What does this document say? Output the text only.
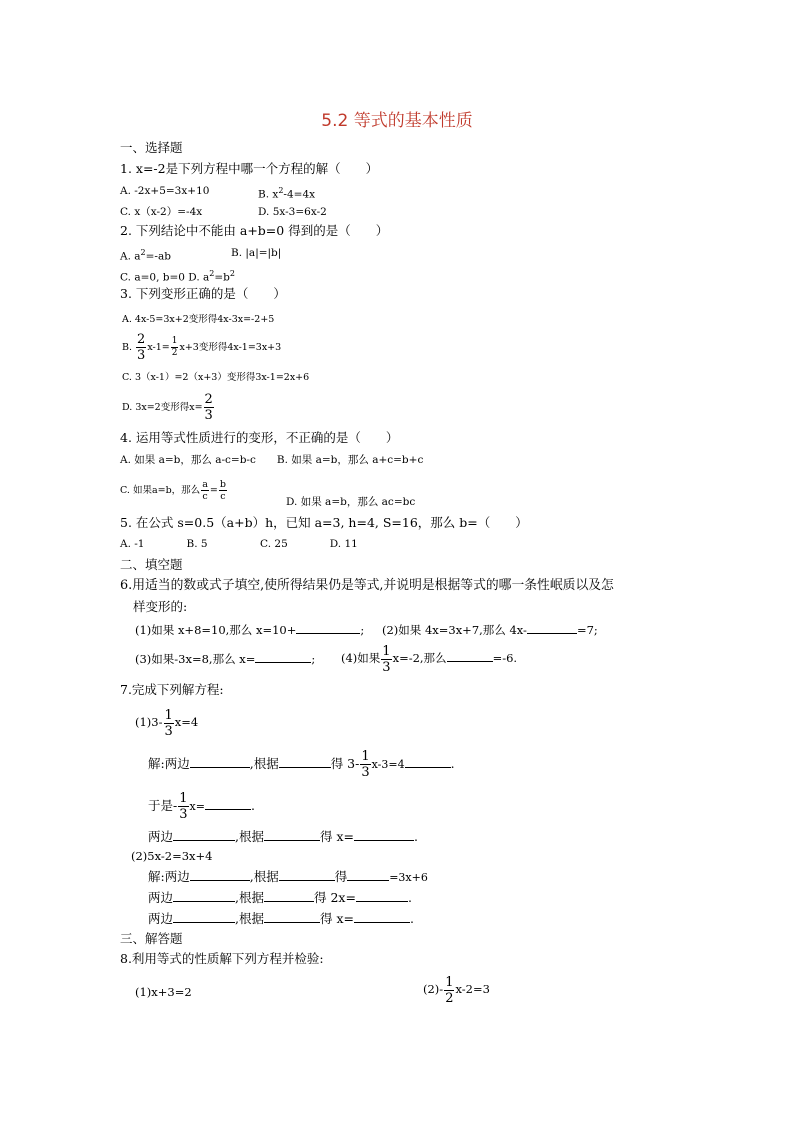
5.2 等式的基本性质
一、选择题
1. x=-2是下列方程中哪一个方程的解（　　）
A. -2x+5=3x+10	B. $x^2-4=4x$
C. x（x-2）=-4x	D. 5x-3=6x-2
2. 下列结论中不能由 a+b=0 得到的是（　　）
A. $a^2=-ab$	B. |a|=|b|
C. a=0, b=0 D. $a^2=b^2$
3. 下列变形正确的是（　　）
A. 4x-5=3x+2变形得4x-3x=-2+5
B. $\frac{2}{3} x-1= \frac{1}{2} x+3$变形得4x-1=3x+3
C. 3（x-1）=2（x+3）变形得3x-1=2x+6
D. 3x=2变形得$x= \frac{2}{3}$
4. 运用等式性质进行的变形，不正确的是（　　）
A. 如果 a=b，那么 a-c=b-c　　B. 如果 a=b，那么 a+c=b+c
C. 如果a=b，那么 $\frac{a}{c} = \frac{b}{c}$
D. 如果 a=b，那么 ac=bc
5. 在公式 s=0.5（a+b）h，已知 a=3, h=4, S=16，那么 b=（　　）
A. -1　　　　B. 5　　　　　C. 25　　　　D. 11
二、填空题
6.用适当的数或式子填空,使所得结果仍是等式,并说明是根据等式的哪一条性岷质以及怎
样变形的:
(1)如果 x+8=10,那么 x=10+	; (2)如果 4x=3x+7,那么 4x-	=7;
(3)如果-3x=8,那么 x=	; (4)如果 $\frac{1}{3} x=-2$,那么	=-6.
7.完成下列解方程:
$(1)3- \frac{1}{3} x=4$
解:两边	,根据	得 $3- \frac{1}{3} x-3=4$	.
于是- $\frac{1}{3} x=$	.
两边	,根据	得 x=	.
(2)5x-2=3x+4
解:两边	,根据	得	=3x+6
两边	,根据	得 2x=	.
两边	,根据	得 x=	.
三、解答题
8.利用等式的性质解下列方程并检验:
(1)x+3=2	$(2)- \frac{1}{2} x-2=3$
